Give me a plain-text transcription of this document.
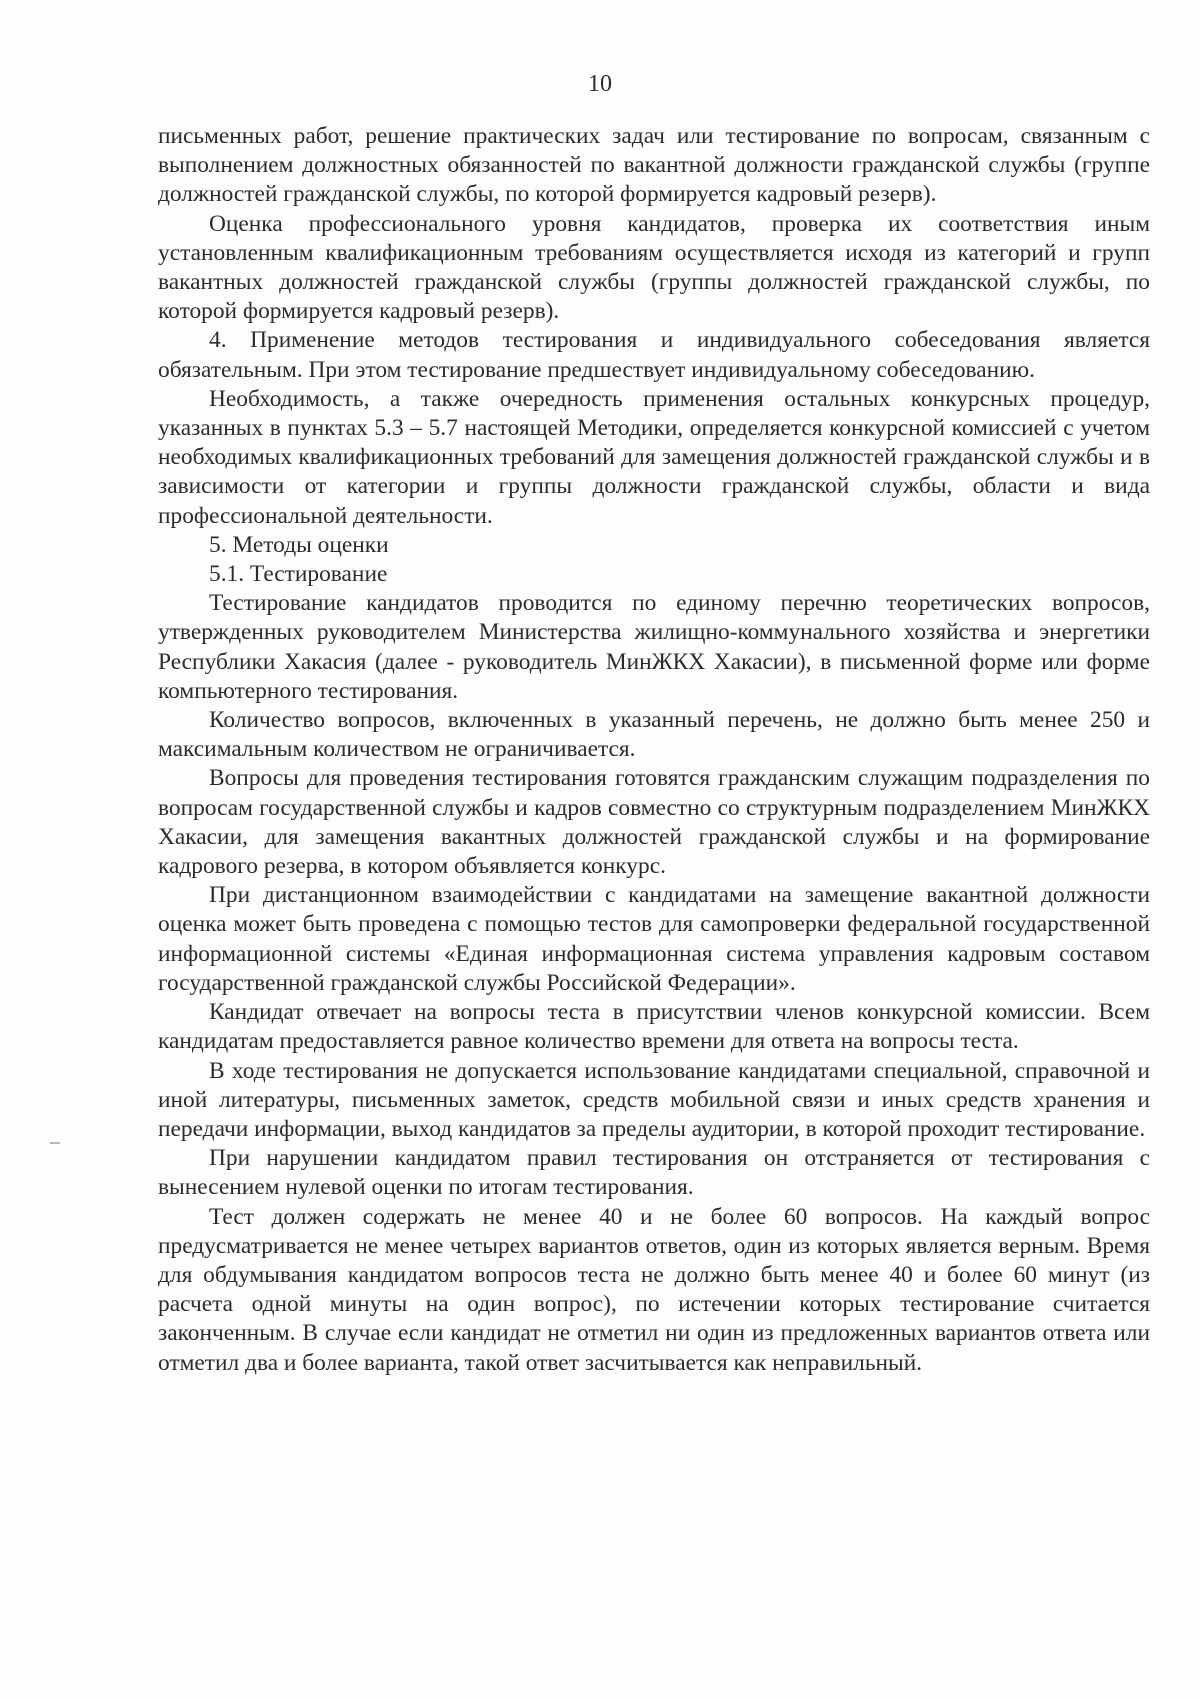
10

письменных работ, решение практических задач или тестирование по вопросам, связанным с выполнением должностных обязанностей по вакантной должности гражданской службы (группе должностей гражданской службы, по которой формируется кадровый резерв).

Оценка профессионального уровня кандидатов, проверка их соответствия иным установленным квалификационным требованиям осуществляется исходя из категорий и групп вакантных должностей гражданской службы (группы должностей гражданской службы, по которой формируется кадровый резерв).

4. Применение методов тестирования и индивидуального собеседования является обязательным. При этом тестирование предшествует индивидуальному собеседованию.

Необходимость, а также очередность применения остальных конкурсных процедур, указанных в пунктах 5.3 – 5.7 настоящей Методики, определяется конкурсной комиссией с учетом необходимых квалификационных требований для замещения должностей гражданской службы и в зависимости от категории и группы должности гражданской службы, области и вида профессиональной деятельности.

5. Методы оценки

5.1. Тестирование

Тестирование кандидатов проводится по единому перечню теоретических вопросов, утвержденных руководителем Министерства жилищно-коммунального хозяйства и энергетики Республики Хакасия (далее - руководитель МинЖКХ Хакасии), в письменной форме или форме компьютерного тестирования.

Количество вопросов, включенных в указанный перечень, не должно быть менее 250 и максимальным количеством не ограничивается.

Вопросы для проведения тестирования готовятся гражданским служащим подразделения по вопросам государственной службы и кадров совместно со структурным подразделением МинЖКХ Хакасии, для замещения вакантных должностей гражданской службы и на формирование кадрового резерва, в котором объявляется конкурс.

При дистанционном взаимодействии с кандидатами на замещение вакантной должности оценка может быть проведена с помощью тестов для самопроверки федеральной государственной информационной системы «Единая информационная система управления кадровым составом государственной гражданской службы Российской Федерации».

Кандидат отвечает на вопросы теста в присутствии членов конкурсной комиссии. Всем кандидатам предоставляется равное количество времени для ответа на вопросы теста.

В ходе тестирования не допускается использование кандидатами специальной, справочной и иной литературы, письменных заметок, средств мобильной связи и иных средств хранения и передачи информации, выход кандидатов за пределы аудитории, в которой проходит тестирование.

При нарушении кандидатом правил тестирования он отстраняется от тестирования с вынесением нулевой оценки по итогам тестирования.

Тест должен содержать не менее 40 и не более 60 вопросов. На каждый вопрос предусматривается не менее четырех вариантов ответов, один из которых является верным. Время для обдумывания кандидатом вопросов теста не должно быть менее 40 и более 60 минут (из расчета одной минуты на один вопрос), по истечении которых тестирование считается законченным. В случае если кандидат не отметил ни один из предложенных вариантов ответа или отметил два и более варианта, такой ответ засчитывается как неправильный.
